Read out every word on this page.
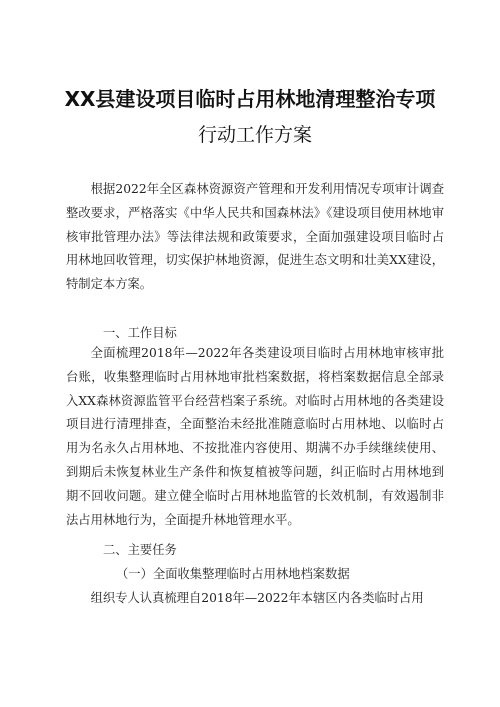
XX县建设项目临时占用林地清理整治专项
行动工作方案

根据2022年全区森林资源资产管理和开发利用情况专项审计调查整改要求，严格落实《中华人民共和国森林法》《建设项目使用林地审核审批管理办法》等法律法规和政策要求，全面加强建设项目临时占用林地回收管理，切实保护林地资源，促进生态文明和壮美XX建设，特制定本方案。

一、工作目标

全面梳理2018年—2022年各类建设项目临时占用林地审核审批台账，收集整理临时占用林地审批档案数据，将档案数据信息全部录入XX森林资源监管平台经营档案子系统。对临时占用林地的各类建设项目进行清理排查，全面整治未经批准随意临时占用林地、以临时占用为名永久占用林地、不按批准内容使用、期满不办手续继续使用、到期后未恢复林业生产条件和恢复植被等问题，纠正临时占用林地到期不回收问题。建立健全临时占用林地监管的长效机制，有效遏制非法占用林地行为，全面提升林地管理水平。

二、主要任务

（一）全面收集整理临时占用林地档案数据

组织专人认真梳理自2018年—2022年本辖区内各类临时占用
